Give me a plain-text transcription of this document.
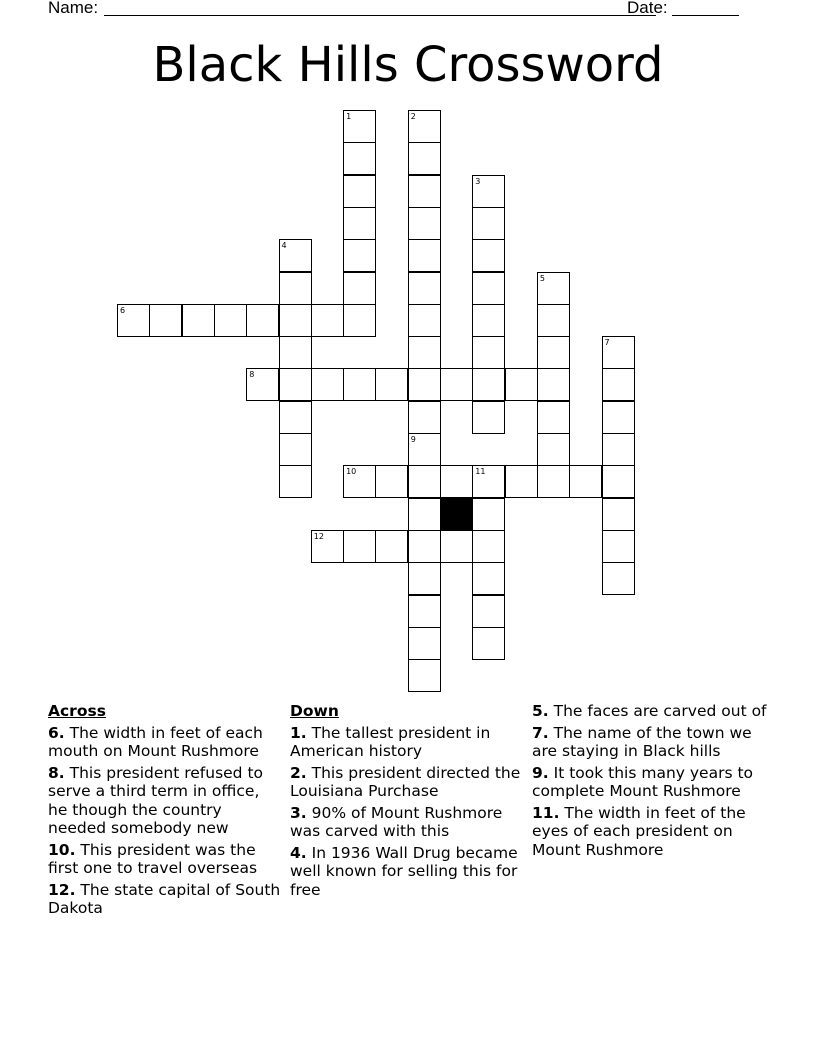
Name:	Date:
Black Hills Crossword
1	2
9
3
4
5
6
7
8
10	11
12
Across
6. The width in feet of each mouth on Mount Rushmore
8. This president refused to serve a third term in office, he though the country needed somebody new
10. This president was the first one to travel overseas
12. The state capital of South Dakota
Down
1. The tallest president in American history
2. This president directed the Louisiana Purchase
3. 90% of Mount Rushmore was carved with this
4. In 1936 Wall Drug became well known for selling this for free
5. The faces are carved out of
7. The name of the town we are staying in Black hills
9. It took this many years to complete Mount Rushmore
11. The width in feet of the eyes of each president on Mount Rushmore
